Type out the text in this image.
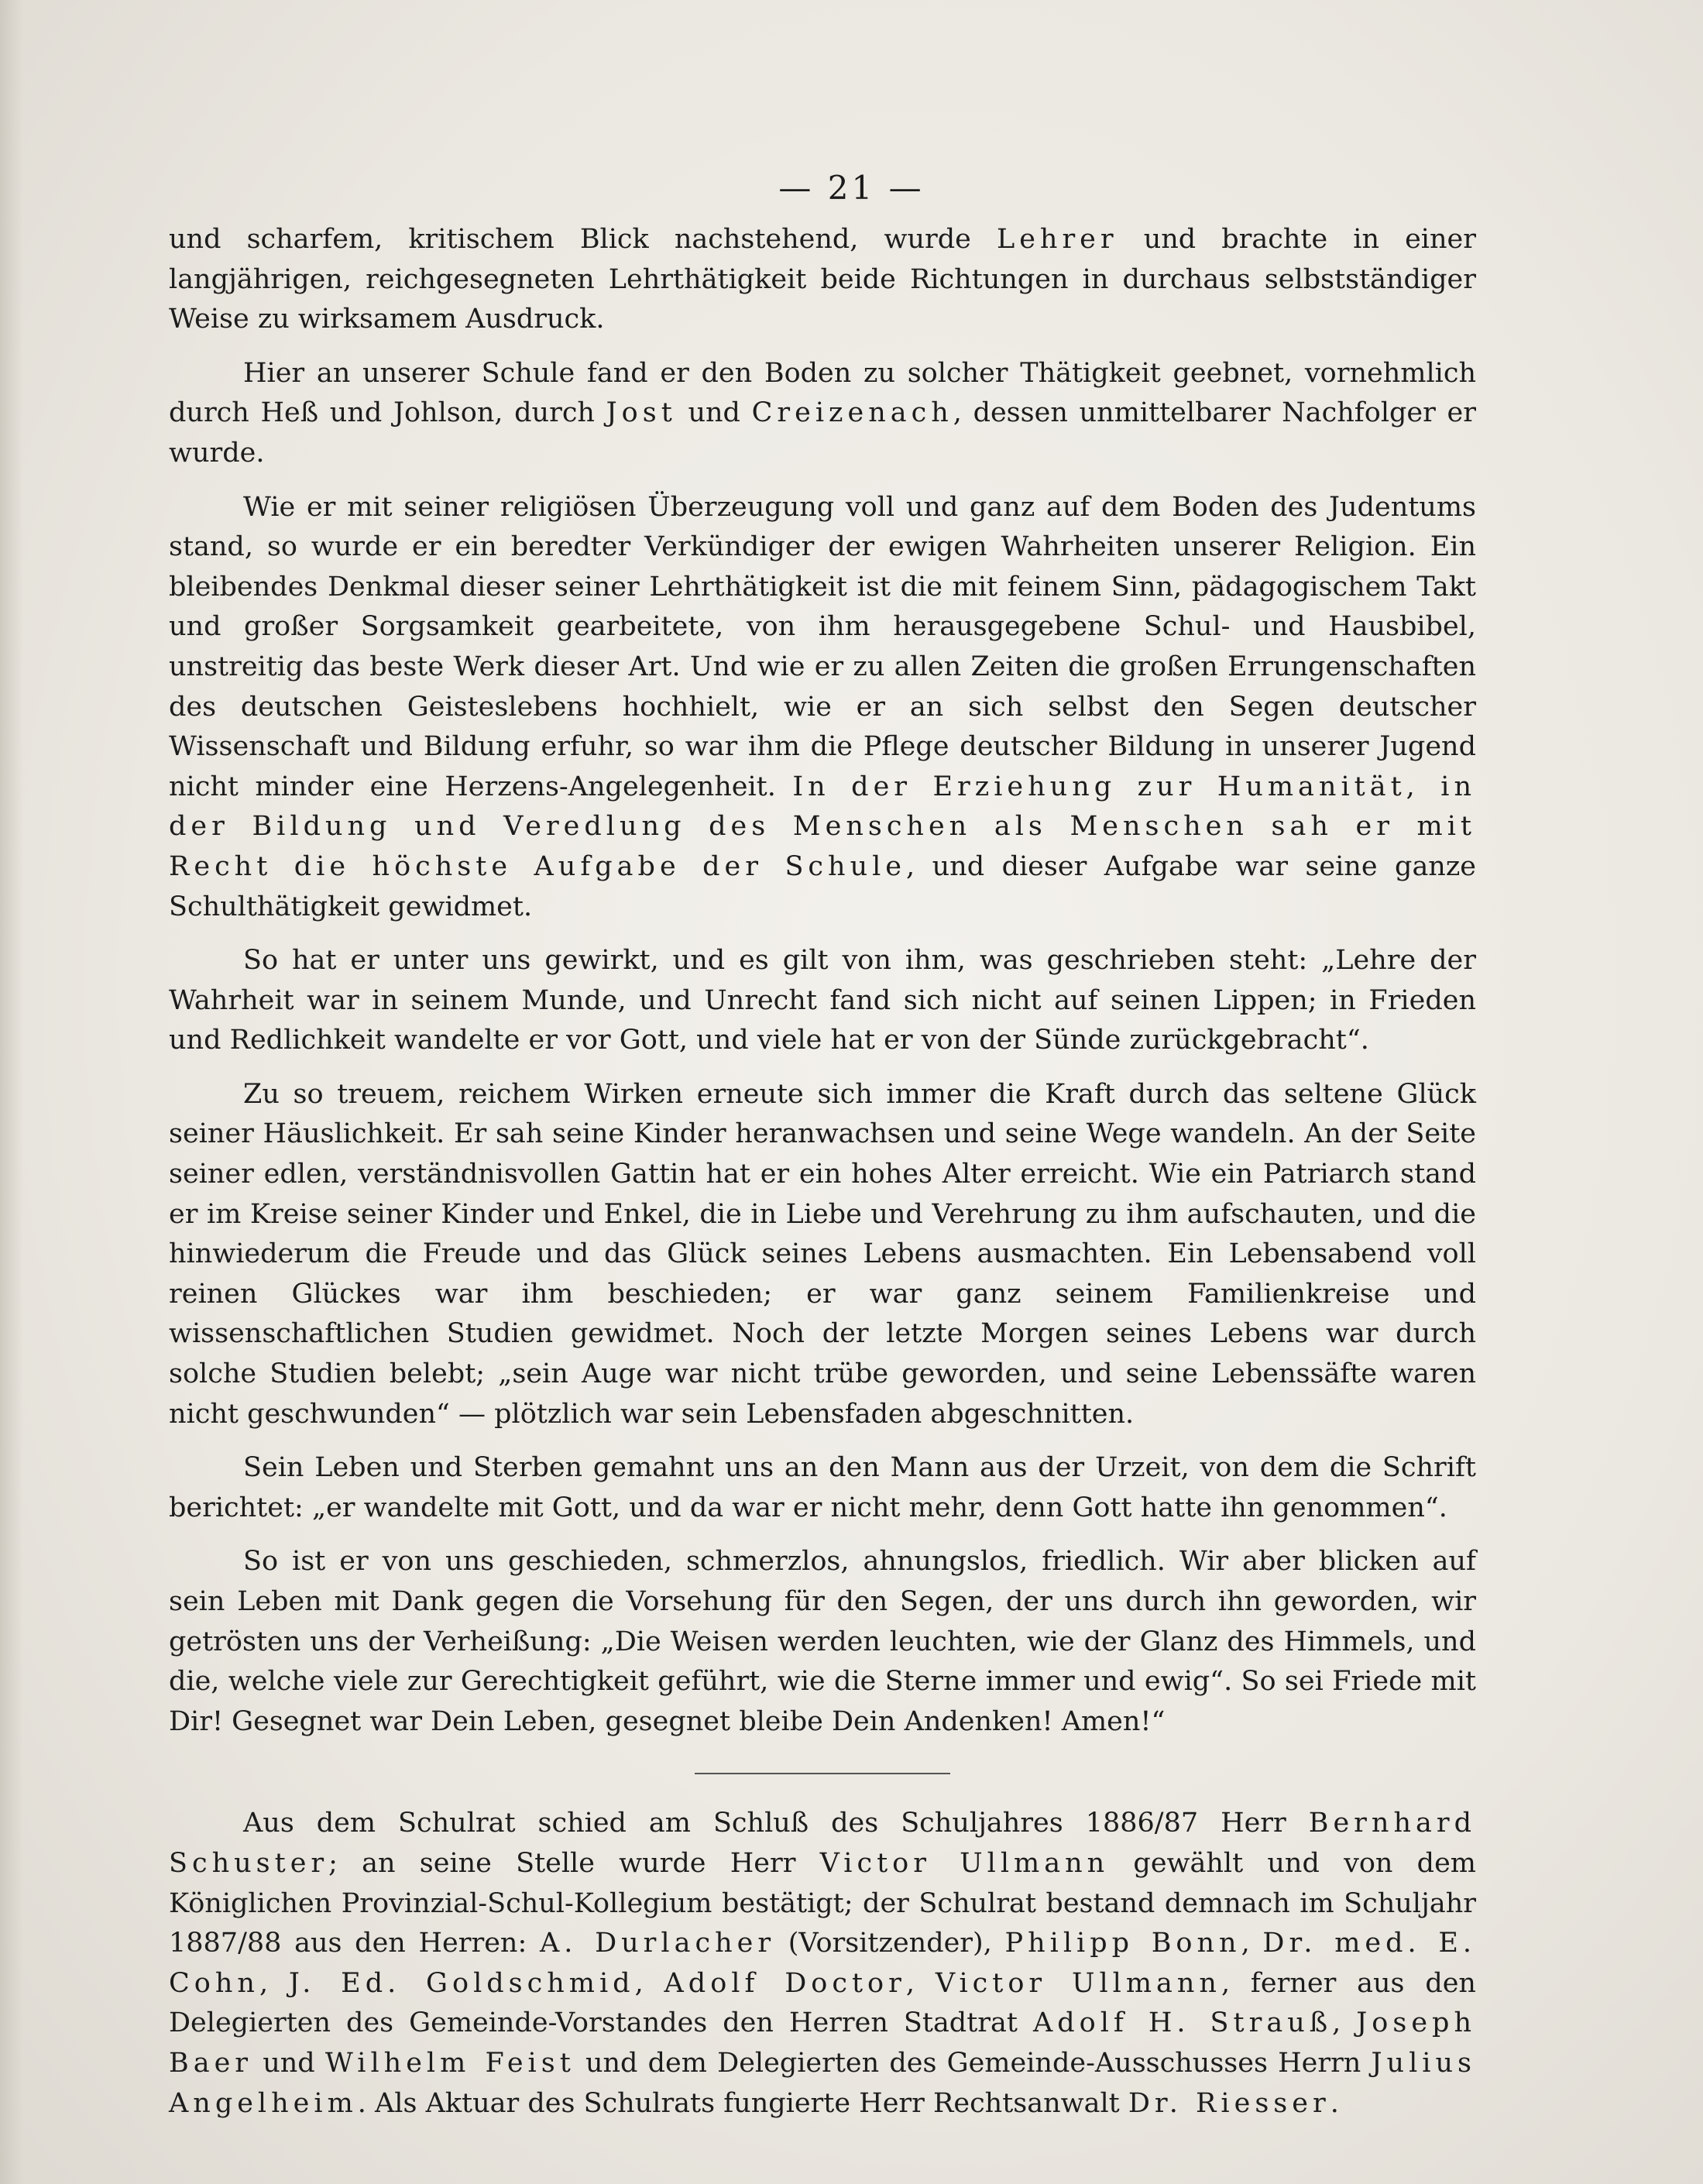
— 21 —

und scharfem, kritischem Blick nachstehend, wurde Lehrer und brachte in einer langjährigen, reichgesegneten Lehrthätigkeit beide Richtungen in durchaus selbstständiger Weise zu wirksamem Ausdruck.

Hier an unserer Schule fand er den Boden zu solcher Thätigkeit geebnet, vornehmlich durch Heß und Johlson, durch Jost und Creizenach, dessen unmittelbarer Nachfolger er wurde.

Wie er mit seiner religiösen Überzeugung voll und ganz auf dem Boden des Judentums stand, so wurde er ein beredter Verkündiger der ewigen Wahrheiten unserer Religion. Ein bleibendes Denkmal dieser seiner Lehrthätigkeit ist die mit feinem Sinn, pädagogischem Takt und großer Sorgsamkeit gearbeitete, von ihm herausgegebene Schul- und Hausbibel, unstreitig das beste Werk dieser Art. Und wie er zu allen Zeiten die großen Errungenschaften des deutschen Geisteslebens hochhielt, wie er an sich selbst den Segen deutscher Wissenschaft und Bildung erfuhr, so war ihm die Pflege deutscher Bildung in unserer Jugend nicht minder eine Herzens-Angelegenheit. In der Erziehung zur Humanität, in der Bildung und Veredlung des Menschen als Menschen sah er mit Recht die höchste Aufgabe der Schule, und dieser Aufgabe war seine ganze Schulthätigkeit gewidmet.

So hat er unter uns gewirkt, und es gilt von ihm, was geschrieben steht: „Lehre der Wahrheit war in seinem Munde, und Unrecht fand sich nicht auf seinen Lippen; in Frieden und Redlichkeit wandelte er vor Gott, und viele hat er von der Sünde zurückgebracht“.

Zu so treuem, reichem Wirken erneute sich immer die Kraft durch das seltene Glück seiner Häuslichkeit. Er sah seine Kinder heranwachsen und seine Wege wandeln. An der Seite seiner edlen, verständnisvollen Gattin hat er ein hohes Alter erreicht. Wie ein Patriarch stand er im Kreise seiner Kinder und Enkel, die in Liebe und Verehrung zu ihm aufschauten, und die hinwiederum die Freude und das Glück seines Lebens ausmachten. Ein Lebensabend voll reinen Glückes war ihm beschieden; er war ganz seinem Familienkreise und wissenschaftlichen Studien gewidmet. Noch der letzte Morgen seines Lebens war durch solche Studien belebt; „sein Auge war nicht trübe geworden, und seine Lebenssäfte waren nicht geschwunden“ — plötzlich war sein Lebensfaden abgeschnitten.

Sein Leben und Sterben gemahnt uns an den Mann aus der Urzeit, von dem die Schrift berichtet: „er wandelte mit Gott, und da war er nicht mehr, denn Gott hatte ihn genommen“.

So ist er von uns geschieden, schmerzlos, ahnungslos, friedlich. Wir aber blicken auf sein Leben mit Dank gegen die Vorsehung für den Segen, der uns durch ihn geworden, wir getrösten uns der Verheißung: „Die Weisen werden leuchten, wie der Glanz des Himmels, und die, welche viele zur Gerechtigkeit geführt, wie die Sterne immer und ewig“. So sei Friede mit Dir! Gesegnet war Dein Leben, gesegnet bleibe Dein Andenken! Amen!“

Aus dem Schulrat schied am Schluß des Schuljahres 1886/87 Herr Bernhard Schuster; an seine Stelle wurde Herr Victor Ullmann gewählt und von dem Königlichen Provinzial-Schul-Kollegium bestätigt; der Schulrat bestand demnach im Schuljahr 1887/88 aus den Herren: A. Durlacher (Vorsitzender), Philipp Bonn, Dr. med. E. Cohn, J. Ed. Goldschmid, Adolf Doctor, Victor Ullmann, ferner aus den Delegierten des Gemeinde-Vorstandes den Herren Stadtrat Adolf H. Strauß, Joseph Baer und Wilhelm Feist und dem Delegierten des Gemeinde-Ausschusses Herrn Julius Angelheim. Als Aktuar des Schulrats fungierte Herr Rechtsanwalt Dr. Riesser.
